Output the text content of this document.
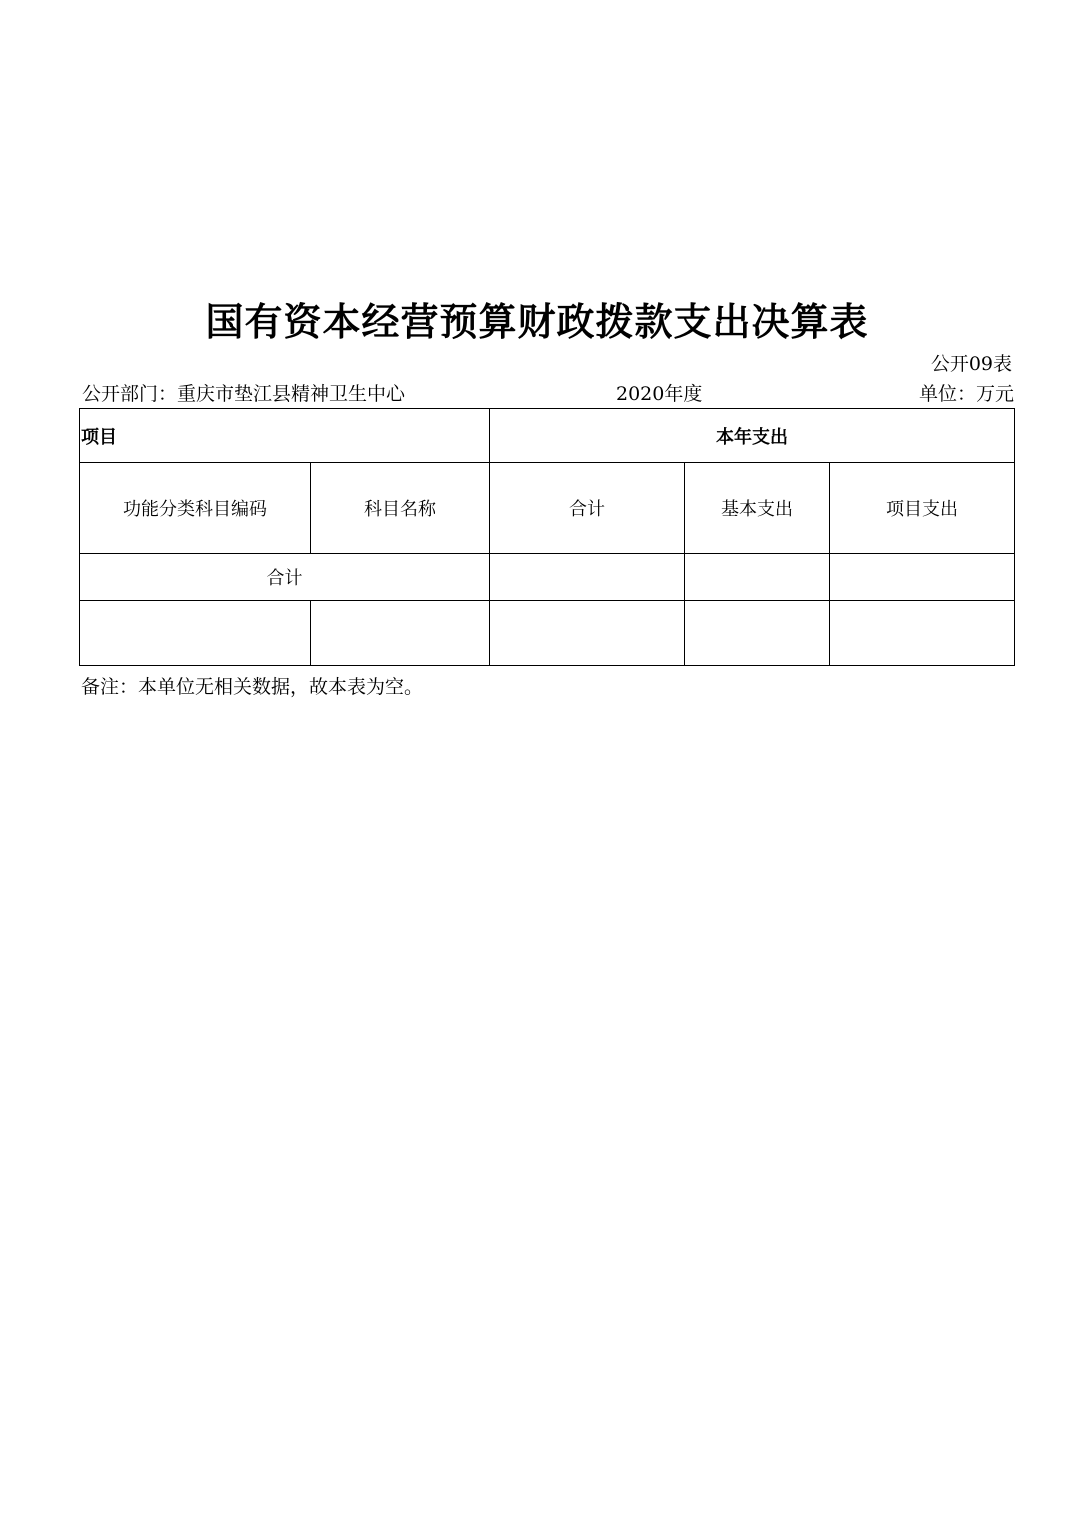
国有资本经营预算财政拨款支出决算表
公开09表
公开部门：重庆市垫江县精神卫生中心	2020年度	单位：万元
项目		本年支出		
功能分类科目编码	科目名称	合计	基本支出	项目支出
合计				

备注：本单位无相关数据，故本表为空。
